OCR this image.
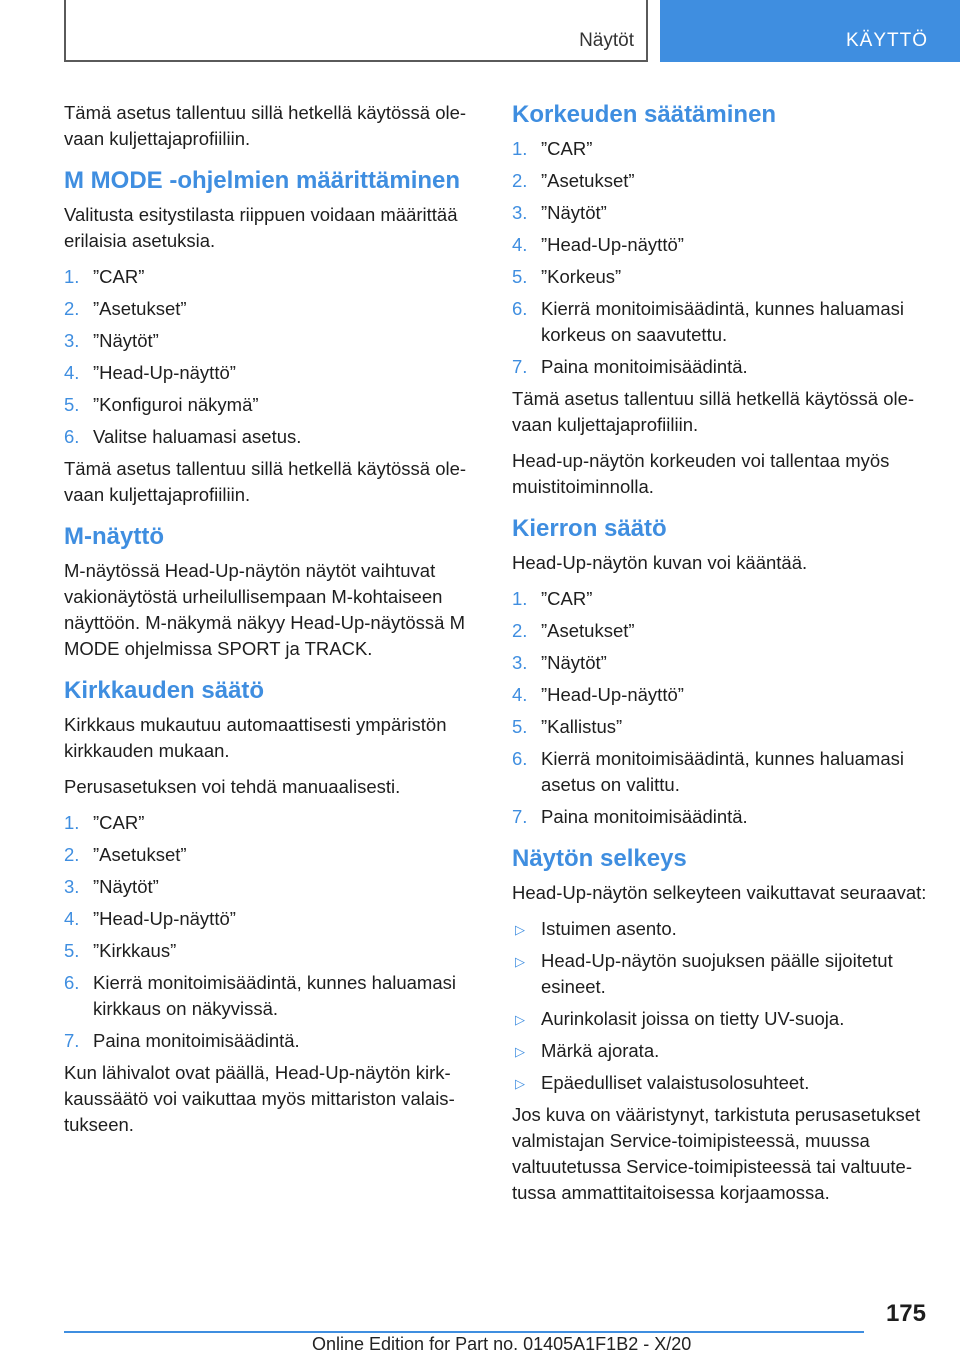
Näytöt	KÄYTTÖ

Tämä asetus tallentuu sillä hetkellä käytössä olevaan kuljettajaprofiiliin.

M MODE -ohjelmien määrittäminen

Valitusta esitystilasta riippuen voidaan määrittää erilaisia asetuksia.

1. ”CAR”
2. ”Asetukset”
3. ”Näytöt”
4. ”Head-Up-näyttö”
5. ”Konfiguroi näkymä”
6. Valitse haluamasi asetus.

Tämä asetus tallentuu sillä hetkellä käytössä olevaan kuljettajaprofiiliin.

M-näyttö

M-näytössä Head-Up-näytön näytöt vaihtuvat vakionäytöstä urheilullisempaan M-kohtaiseen näyttöön. M-näkymä näkyy Head-Up-näytössä M MODE ohjelmissa SPORT ja TRACK.

Kirkkauden säätö

Kirkkaus mukautuu automaattisesti ympäristön kirkkauden mukaan.

Perusasetuksen voi tehdä manuaalisesti.

1. ”CAR”
2. ”Asetukset”
3. ”Näytöt”
4. ”Head-Up-näyttö”
5. ”Kirkkaus”
6. Kierrä monitoimisäädintä, kunnes haluamasi kirkkaus on näkyvissä.
7. Paina monitoimisäädintä.

Kun lähivalot ovat päällä, Head-Up-näytön kirkkaussäätö voi vaikuttaa myös mittariston valaistukseen.

Korkeuden säätäminen
1. ”CAR”
2. ”Asetukset”
3. ”Näytöt”
4. ”Head-Up-näyttö”
5. ”Korkeus”
6. Kierrä monitoimisäädintä, kunnes haluamasi korkeus on saavutettu.
7. Paina monitoimisäädintä.

Tämä asetus tallentuu sillä hetkellä käytössä olevaan kuljettajaprofiiliin.

Head-up-näytön korkeuden voi tallentaa myös muistitoiminnolla.

Kierron säätö

Head-Up-näytön kuvan voi kääntää.

1. ”CAR”
2. ”Asetukset”
3. ”Näytöt”
4. ”Head-Up-näyttö”
5. ”Kallistus”
6. Kierrä monitoimisäädintä, kunnes haluamasi asetus on valittu.
7. Paina monitoimisäädintä.
Näytön selkeys

Head-Up-näytön selkeyteen vaikuttavat seuraavat:

▷ Istuimen asento.
▷ Head-Up-näytön suojuksen päälle sijoitetut esineet.
▷ Aurinkolasit joissa on tietty UV-suoja.
▷ Märkä ajorata.
▷ Epäedulliset valaistusolosuhteet.

Jos kuva on vääristynyt, tarkistuta perusasetukset valmistajan Service-toimipisteessä, muussa valtuutetussa Service-toimipisteessä tai valtuutetussa ammattitaitoisessa korjaamossa.

175
Online Edition for Part no. 01405A1F1B2 - X/20
